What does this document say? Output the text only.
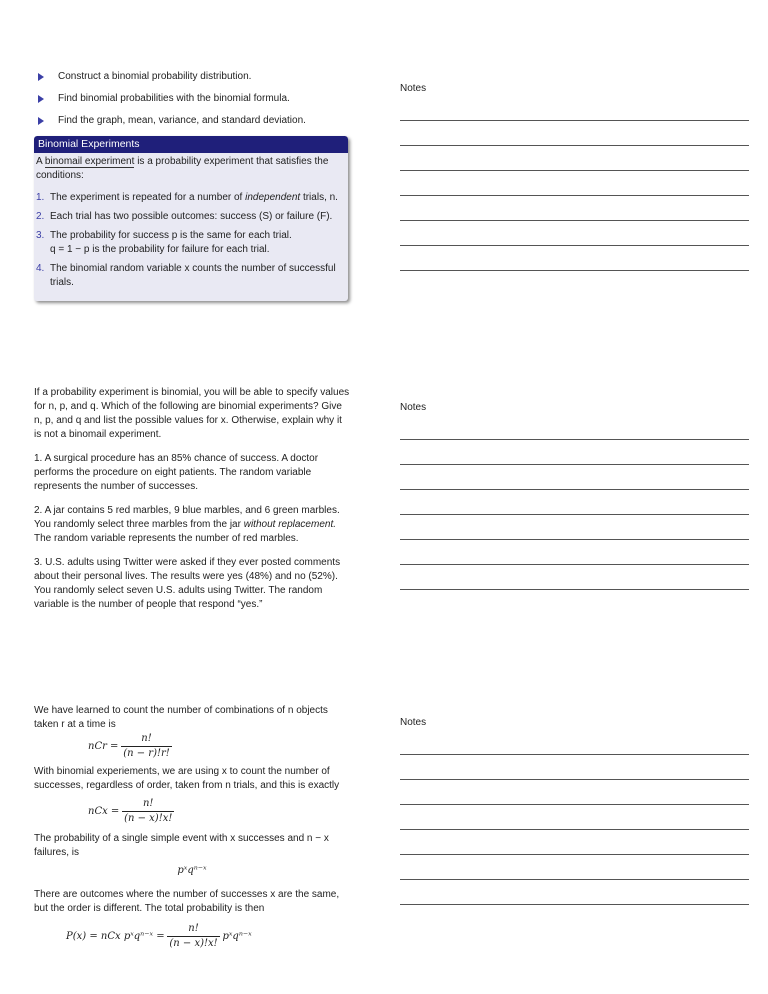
Construct a binomial probability distribution.
Find binomial probabilities with the binomial formula.
Find the graph, mean, variance, and standard deviation.
Binomial Experiments
A binomail experiment is a probability experiment that satisfies the conditions:
1. The experiment is repeated for a number of independent trials, n.
2. Each trial has two possible outcomes: success (S) or failure (F).
3. The probability for success p is the same for each trial.
q = 1 − p is the probability for failure for each trial.
4. The binomial random variable x counts the number of successful trials.
Notes

If a probability experiment is binomial, you will be able to specify values for n, p, and q. Which of the following are binomial experiments? Give n, p, and q and list the possible values for x. Otherwise, explain why it is not a binomail experiment.

1. A surgical procedure has an 85% chance of success. A doctor performs the procedure on eight patients. The random variable represents the number of successes.

2. A jar contains 5 red marbles, 9 blue marbles, and 6 green marbles. You randomly select three marbles from the jar without replacement. The random variable represents the number of red marbles.

3. U.S. adults using Twitter were asked if they ever posted comments about their personal lives. The results were yes (48%) and no (52%). You randomly select seven U.S. adults using Twitter. The random variable is the number of people that respond “yes.”

Notes

We have learned to count the number of combinations of n objects taken r at a time is

nCr = $\frac{n!}{(n - r)!r!}$

With binomial experiements, we are using x to count the number of successes, regardless of order, taken from n trials, and this is exactly

nCx = $\frac{n!}{(n - x)!x!}$

The probability of a single simple event with x successes and n − x failures, is

pˣqⁿ⁻ˣ

There are outcomes where the number of successes x are the same, but the order is different. The total probability is then

P(x) = nCx pˣqⁿ⁻ˣ = $\frac{n!}{(n - x)!x!}$ pˣqⁿ⁻ˣ
Notes
